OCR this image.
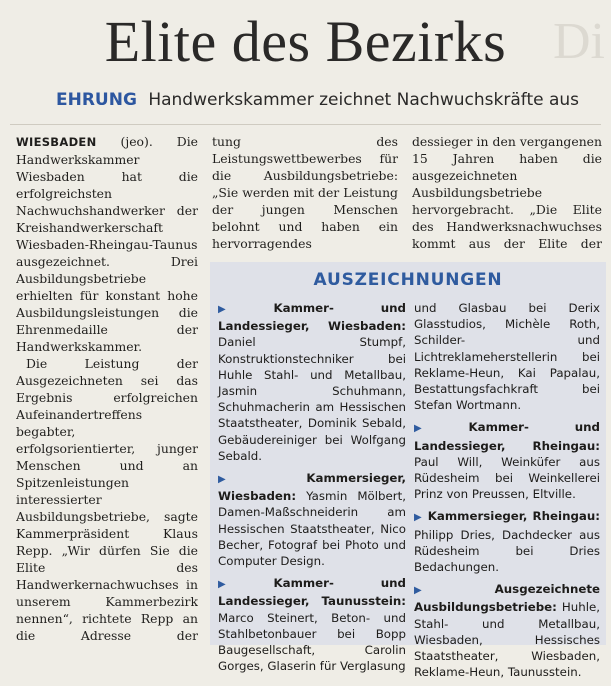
Di
Elite des Bezirks
EHRUNG Handwerkskammer zeichnet Nachwuchskräfte aus

WIESBADEN (jeo). Die Handwerkskammer Wiesbaden hat die erfolgreichsten Nachwuchshandwerker der Kreishandwerkerschaft Wiesbaden-Rheingau-Taunus ausgezeichnet. Drei Ausbildungsbetriebe erhielten für konstant hohe Ausbildungsleistungen die Ehrenmedaille der Handwerkskammer.

Die Leistung der Ausgezeichneten sei das Ergebnis erfolgreichen Aufeinandertreffens begabter, erfolgsorientierter, junger Menschen und an Spitzenleistungen interessierter Ausbildungsbetriebe, sagte Kammerpräsident Klaus Repp. „Wir dürfen Sie die Elite des Handwerkernachwuchses in unserem Kammerbezirk nennen“, richtete Repp an die Adresse der

tung des Leistungswettbewerbes für die Ausbildungsbetriebe: „Sie werden mit der Leistung der jungen Menschen belohnt und haben ein hervorragendes

dessieger in den vergangenen 15 Jahren haben die ausgezeichneten Ausbildungsbetriebe hervorgebracht. „Die Elite des Handwerksnachwuchses kommt aus der Elite der

AUSZEICHNUNGEN

▶ Kammer- und Landessieger, Wiesbaden: Daniel Stumpf, Konstruktionstechniker bei Huhle Stahl- und Metallbau, Jasmin Schuhmann, Schuhmacherin am Hessischen Staatstheater, Dominik Sebald, Gebäudereiniger bei Wolfgang Sebald.

▶ Kammersieger, Wiesbaden: Yasmin Mölbert, Damen-Maßschneiderin am Hessischen Staatstheater, Nico Becher, Fotograf bei Photo und Computer Design.

▶ Kammer- und Landessieger, Taunusstein: Marco Steinert, Beton- und Stahlbetonbauer bei Bopp Baugesellschaft, Carolin Gorges, Glaserin für Verglasung

und Glasbau bei Derix Glasstudios, Michèle Roth, Schilder- und Lichtreklameherstellerin bei Reklame-Heun, Kai Papalau, Bestattungsfachkraft bei Stefan Wortmann.

▶ Kammer- und Landessieger, Rheingau: Paul Will, Weinküfer aus Rüdesheim bei Weinkellerei Prinz von Preussen, Eltville.

▶ Kammersieger, Rheingau: Philipp Dries, Dachdecker aus Rüdesheim bei Dries Bedachungen.

▶ Ausgezeichnete Ausbildungsbetriebe: Huhle, Stahl- und Metallbau, Wiesbaden, Hessisches Staatstheater, Wiesbaden, Reklame-Heun, Taunusstein.
